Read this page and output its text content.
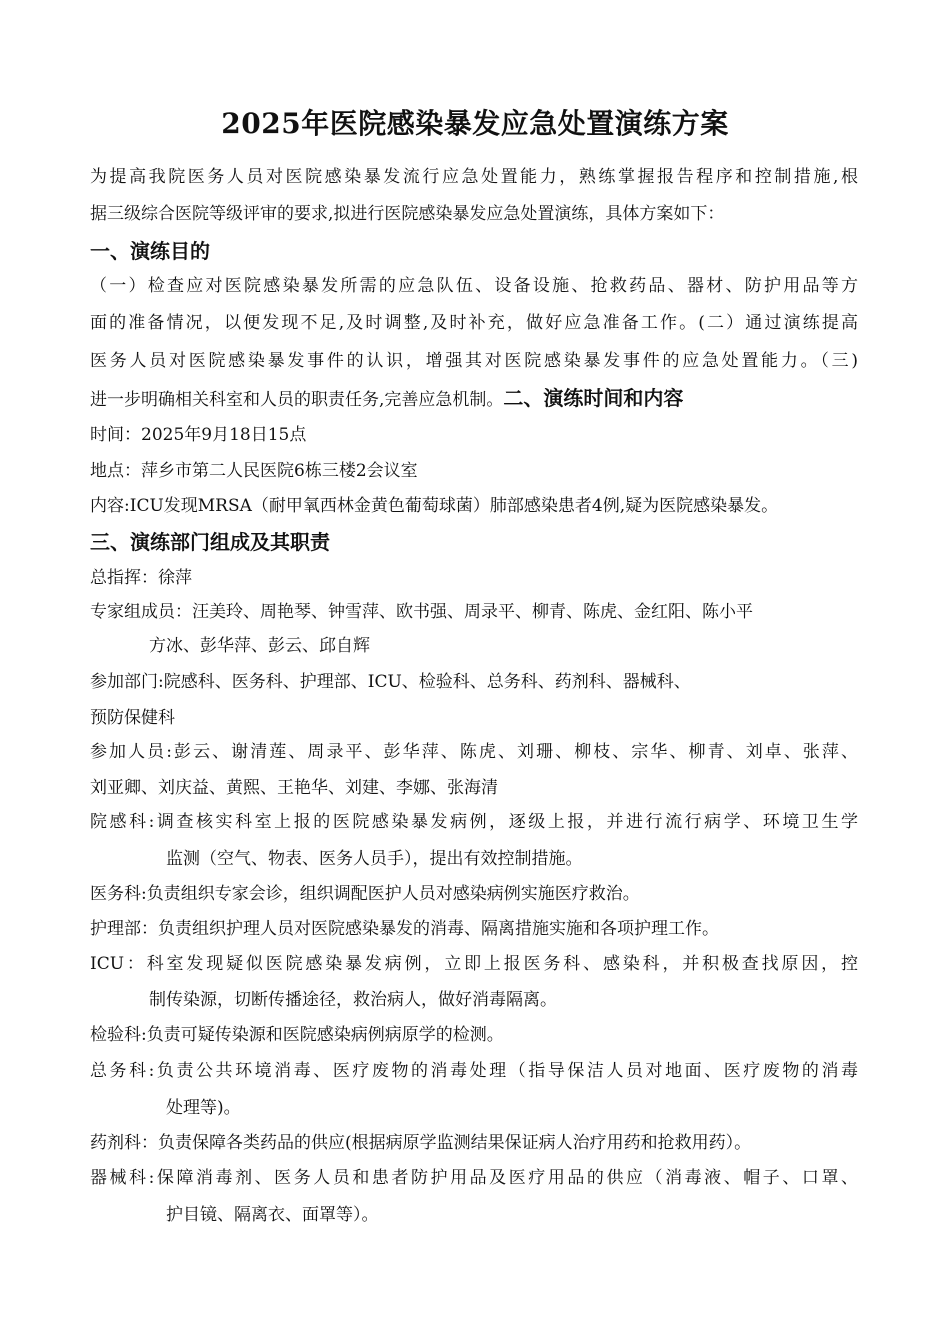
2025年医院感染暴发应急处置演练方案
为提高我院医务人员对医院感染暴发流行应急处置能力，熟练掌握报告程序和控制措施,根
据三级综合医院等级评审的要求,拟进行医院感染暴发应急处置演练，具体方案如下：
一、演练目的
（一）检查应对医院感染暴发所需的应急队伍、设备设施、抢救药品、器材、防护用品等方
面的准备情况，以便发现不足,及时调整,及时补充，做好应急准备工作。(二）通过演练提高
医务人员对医院感染暴发事件的认识，增强其对医院感染暴发事件的应急处置能力。（三)
进一步明确相关科室和人员的职责任务,完善应急机制。二、演练时间和内容
时间：2025年9月18日15点
地点：萍乡市第二人民医院6栋三楼2会议室
内容:ICU发现MRSA（耐甲氧西林金黄色葡萄球菌）肺部感染患者4例,疑为医院感染暴发。
三、演练部门组成及其职责
总指挥：徐萍
专家组成员：汪美玲、周艳琴、钟雪萍、欧书强、周录平、柳青、陈虎、金红阳、陈小平
方冰、彭华萍、彭云、邱自辉
参加部门:院感科、医务科、护理部、ICU、检验科、总务科、药剂科、器械科、
预防保健科
参加人员:彭云、谢清莲、周录平、彭华萍、陈虎、刘珊、柳枝、宗华、柳青、刘卓、张萍、
刘亚卿、刘庆益、黄熙、王艳华、刘建、李娜、张海清
院感科:调查核实科室上报的医院感染暴发病例，逐级上报，并进行流行病学、环境卫生学
监测（空气、物表、医务人员手），提出有效控制措施。
医务科:负责组织专家会诊，组织调配医护人员对感染病例实施医疗救治。
护理部：负责组织护理人员对医院感染暴发的消毒、隔离措施实施和各项护理工作。
ICU：科室发现疑似医院感染暴发病例，立即上报医务科、感染科，并积极查找原因，控
制传染源，切断传播途径，救治病人，做好消毒隔离。
检验科:负责可疑传染源和医院感染病例病原学的检测。
总务科:负责公共环境消毒、医疗废物的消毒处理（指导保洁人员对地面、医疗废物的消毒
处理等)。
药剂科：负责保障各类药品的供应(根据病原学监测结果保证病人治疗用药和抢救用药）。
器械科:保障消毒剂、医务人员和患者防护用品及医疗用品的供应（消毒液、帽子、口罩、
护目镜、隔离衣、面罩等）。
